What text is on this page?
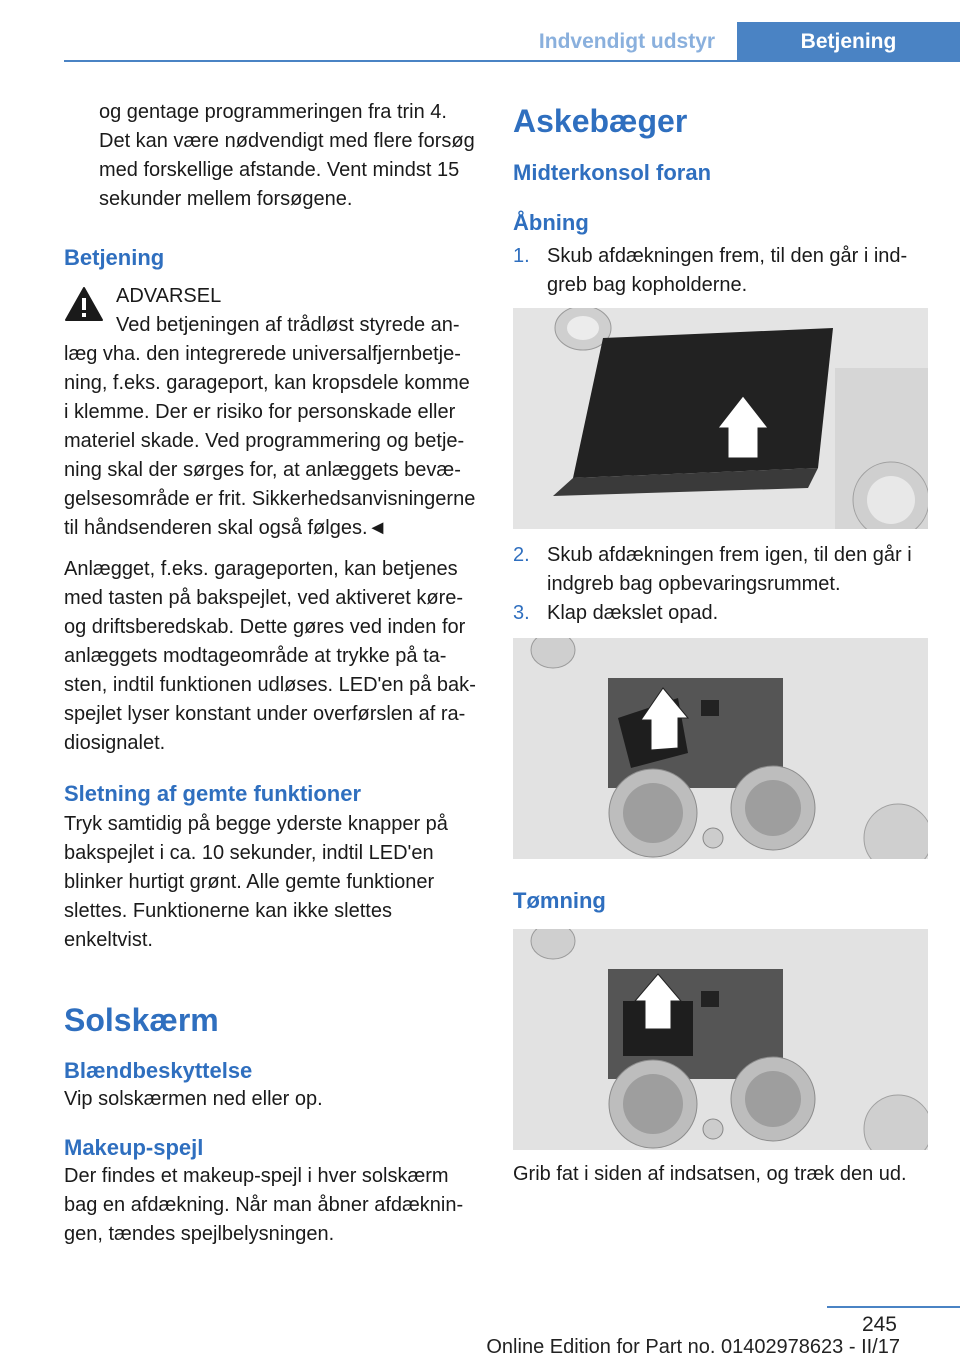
Indvendigt udstyr	Betjening

og gentage programmeringen fra trin 4. Det kan være nødvendigt med flere forsøg med forskellige afstande. Vent mindst 15 sekunder mellem forsøgene.

Betjening

ADVARSEL

Ved betjeningen af trådløst styrede an-

læg vha. den integrerede universalfjernbetjening, f.eks. garageport, kan kropsdele komme i klemme. Der er risiko for personskade eller materiel skade. Ved programmering og betjening skal der sørges for, at anlæggets bevægelsesområde er frit. Sikkerhedsanvisningerne til håndsenderen skal også følges.◄

Anlægget, f.eks. garageporten, kan betjenes med tasten på bakspejlet, ved aktiveret køre- og driftsberedskab. Dette gøres ved inden for anlæggets modtageområde at trykke på tasten, indtil funktionen udløses. LED'en på bakspejlet lyser konstant under overførslen af radiosignalet.

Sletning af gemte funktioner

Tryk samtidig på begge yderste knapper på bakspejlet i ca. 10 sekunder, indtil LED'en blinker hurtigt grønt. Alle gemte funktioner slettes. Funktionerne kan ikke slettes enkeltvist.

Solskærm
Blændbeskyttelse

Vip solskærmen ned eller op.

Makeup-spejl

Der findes et makeup-spejl i hver solskærm bag en afdækning. Når man åbner afdækningen, tændes spejlbelysningen.

Askebæger
Midterkonsol foran
Åbning
1. Skub afdækningen frem, til den går i indgreb bag kopholderne.
2. Skub afdækningen frem igen, til den går i indgreb bag opbevaringsrummet.
3. Klap dækslet opad.
Tømning

Grib fat i siden af indsatsen, og træk den ud.

245
Online Edition for Part no. 01402978623 - II/17
